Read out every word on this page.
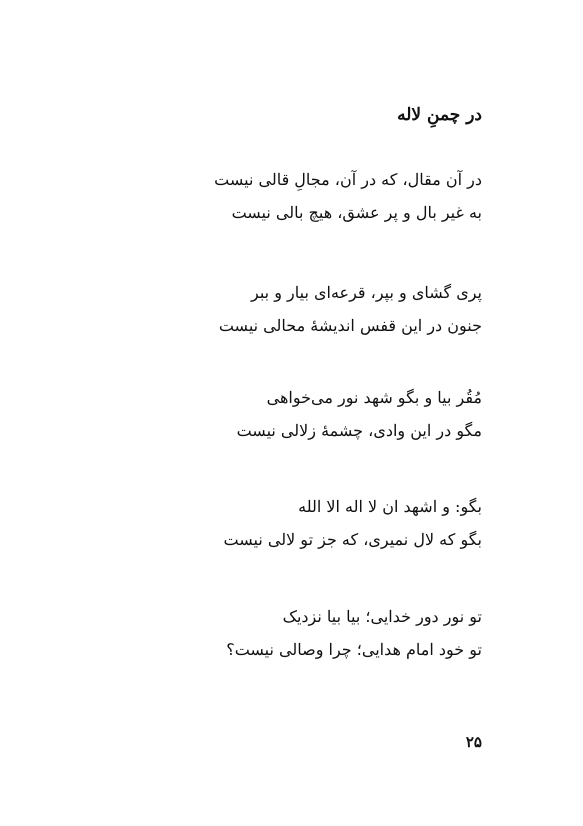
در چمنِ لاله
در آن مقال، که در آن، مجالِ قالی نیست
به غیر بال و پر عشق، هیچ بالی نیست
پری گشای و بپر، قرعه‌ای بیار و ببر
جنون در این قفس اندیشهٔ محالی نیست
مُقُر بیا و بگو شهد نور می‌خواهی
مگو در این وادی، چشمهٔ زلالی نیست
بگو: و اشهد ان لا اله الا الله
بگو که لال نمیری، که جز تو لالی نیست
تو نور دور خدایی؛ بیا بیا نزدیک
تو خود امام هدایی؛ چرا وصالی نیست؟
۲۵
